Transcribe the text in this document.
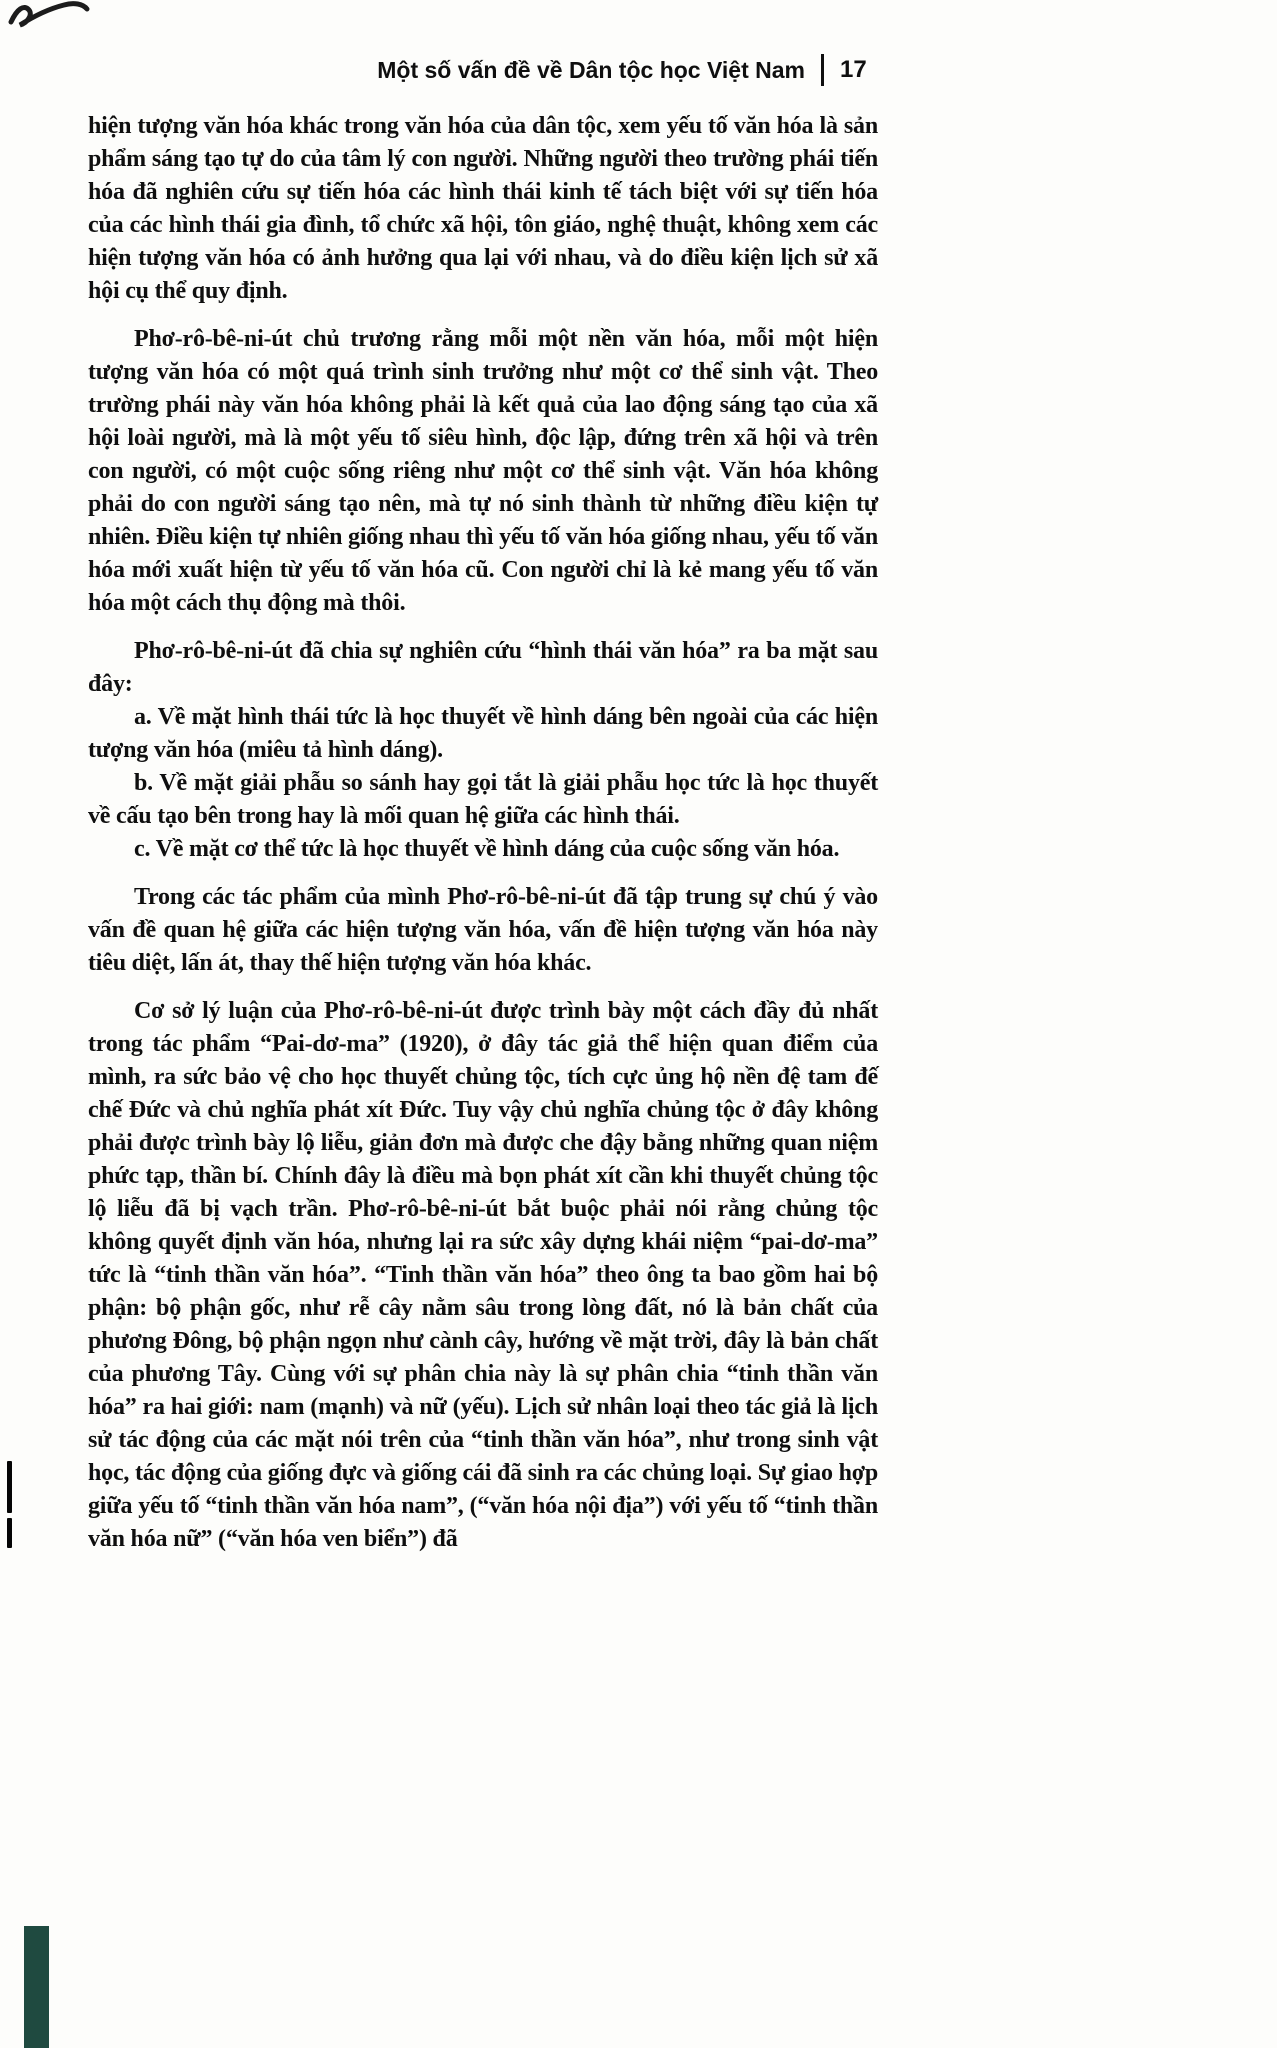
Một số vấn đề về Dân tộc học Việt Nam 17

hiện tượng văn hóa khác trong văn hóa của dân tộc, xem yếu tố văn hóa là sản phẩm sáng tạo tự do của tâm lý con người. Những người theo trường phái tiến hóa đã nghiên cứu sự tiến hóa các hình thái kinh tế tách biệt với sự tiến hóa của các hình thái gia đình, tổ chức xã hội, tôn giáo, nghệ thuật, không xem các hiện tượng văn hóa có ảnh hưởng qua lại với nhau, và do điều kiện lịch sử xã hội cụ thể quy định.

Phơ-rô-bê-ni-út chủ trương rằng mỗi một nền văn hóa, mỗi một hiện tượng văn hóa có một quá trình sinh trưởng như một cơ thể sinh vật. Theo trường phái này văn hóa không phải là kết quả của lao động sáng tạo của xã hội loài người, mà là một yếu tố siêu hình, độc lập, đứng trên xã hội và trên con người, có một cuộc sống riêng như một cơ thể sinh vật. Văn hóa không phải do con người sáng tạo nên, mà tự nó sinh thành từ những điều kiện tự nhiên. Điều kiện tự nhiên giống nhau thì yếu tố văn hóa giống nhau, yếu tố văn hóa mới xuất hiện từ yếu tố văn hóa cũ. Con người chỉ là kẻ mang yếu tố văn hóa một cách thụ động mà thôi.

Phơ-rô-bê-ni-út đã chia sự nghiên cứu “hình thái văn hóa” ra ba mặt sau đây:

a. Về mặt hình thái tức là học thuyết về hình dáng bên ngoài của các hiện tượng văn hóa (miêu tả hình dáng).

b. Về mặt giải phẫu so sánh hay gọi tắt là giải phẫu học tức là học thuyết về cấu tạo bên trong hay là mối quan hệ giữa các hình thái.

c. Về mặt cơ thể tức là học thuyết về hình dáng của cuộc sống văn hóa.

Trong các tác phẩm của mình Phơ-rô-bê-ni-út đã tập trung sự chú ý vào vấn đề quan hệ giữa các hiện tượng văn hóa, vấn đề hiện tượng văn hóa này tiêu diệt, lấn át, thay thế hiện tượng văn hóa khác.

Cơ sở lý luận của Phơ-rô-bê-ni-út được trình bày một cách đầy đủ nhất trong tác phẩm “Pai-dơ-ma” (1920), ở đây tác giả thể hiện quan điểm của mình, ra sức bảo vệ cho học thuyết chủng tộc, tích cực ủng hộ nền đệ tam đế chế Đức và chủ nghĩa phát xít Đức. Tuy vậy chủ nghĩa chủng tộc ở đây không phải được trình bày lộ liễu, giản đơn mà được che đậy bằng những quan niệm phức tạp, thần bí. Chính đây là điều mà bọn phát xít cần khi thuyết chủng tộc lộ liễu đã bị vạch trần. Phơ-rô-bê-ni-út bắt buộc phải nói rằng chủng tộc không quyết định văn hóa, nhưng lại ra sức xây dựng khái niệm “pai-dơ-ma” tức là “tinh thần văn hóa”. “Tinh thần văn hóa” theo ông ta bao gồm hai bộ phận: bộ phận gốc, như rễ cây nằm sâu trong lòng đất, nó là bản chất của phương Đông, bộ phận ngọn như cành cây, hướng về mặt trời, đây là bản chất của phương Tây. Cùng với sự phân chia này là sự phân chia “tinh thần văn hóa” ra hai giới: nam (mạnh) và nữ (yếu). Lịch sử nhân loại theo tác giả là lịch sử tác động của các mặt nói trên của “tinh thần văn hóa”, như trong sinh vật học, tác động của giống đực và giống cái đã sinh ra các chủng loại. Sự giao hợp giữa yếu tố “tinh thần văn hóa nam”, (“văn hóa nội địa”) với yếu tố “tinh thần văn hóa nữ” (“văn hóa ven biển”) đã
